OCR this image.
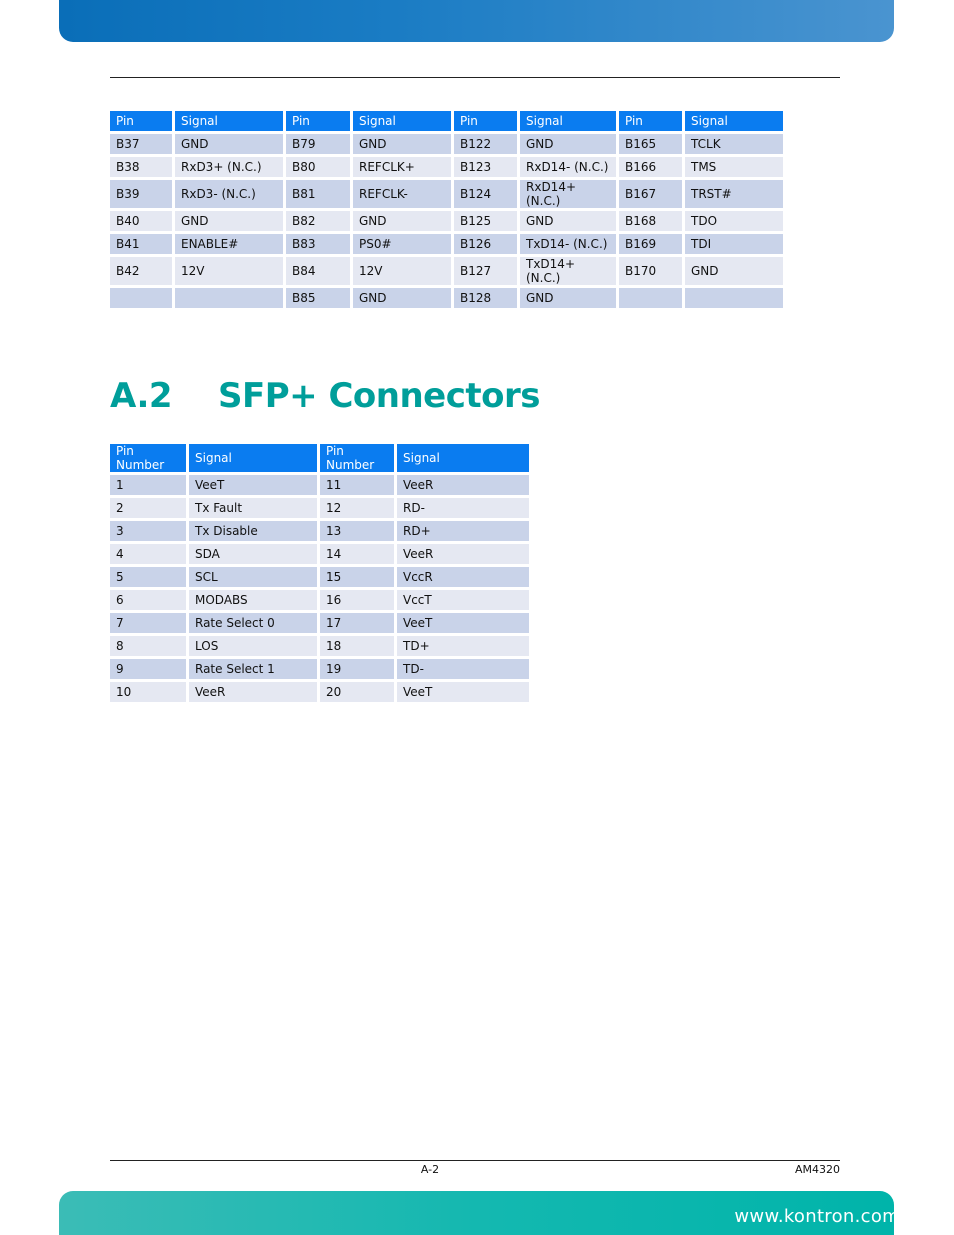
Pin	Signal	Pin	Signal	Pin	Signal	Pin	Signal
B37	GND	B79	GND	B122	GND	B165	TCLK
B38	RxD3+ (N.C.)	B80	REFCLK+	B123	RxD14- (N.C.)	B166	TMS
B39	RxD3- (N.C.)	B81	REFCLK-	B124	RxD14+ (N.C.)	B167	TRST#
B40	GND	B82	GND	B125	GND	B168	TDO
B41	ENABLE#	B83	PS0#	B126	TxD14- (N.C.)	B169	TDI
B42	12V	B84	12V	B127	TxD14+ (N.C.)	B170	GND
		B85	GND	B128	GND		
A.2 SFP+ Connectors
Pin Number	Signal	Pin Number	Signal
1	VeeT	11	VeeR
2	Tx Fault	12	RD-
3	Tx Disable	13	RD+
4	SDA	14	VeeR
5	SCL	15	VccR
6	MODABS	16	VccT
7	Rate Select 0	17	VeeT
8	LOS	18	TD+
9	Rate Select 1	19	TD-
10	VeeR	20	VeeT
A-2	AM4320
www.kontron.com
